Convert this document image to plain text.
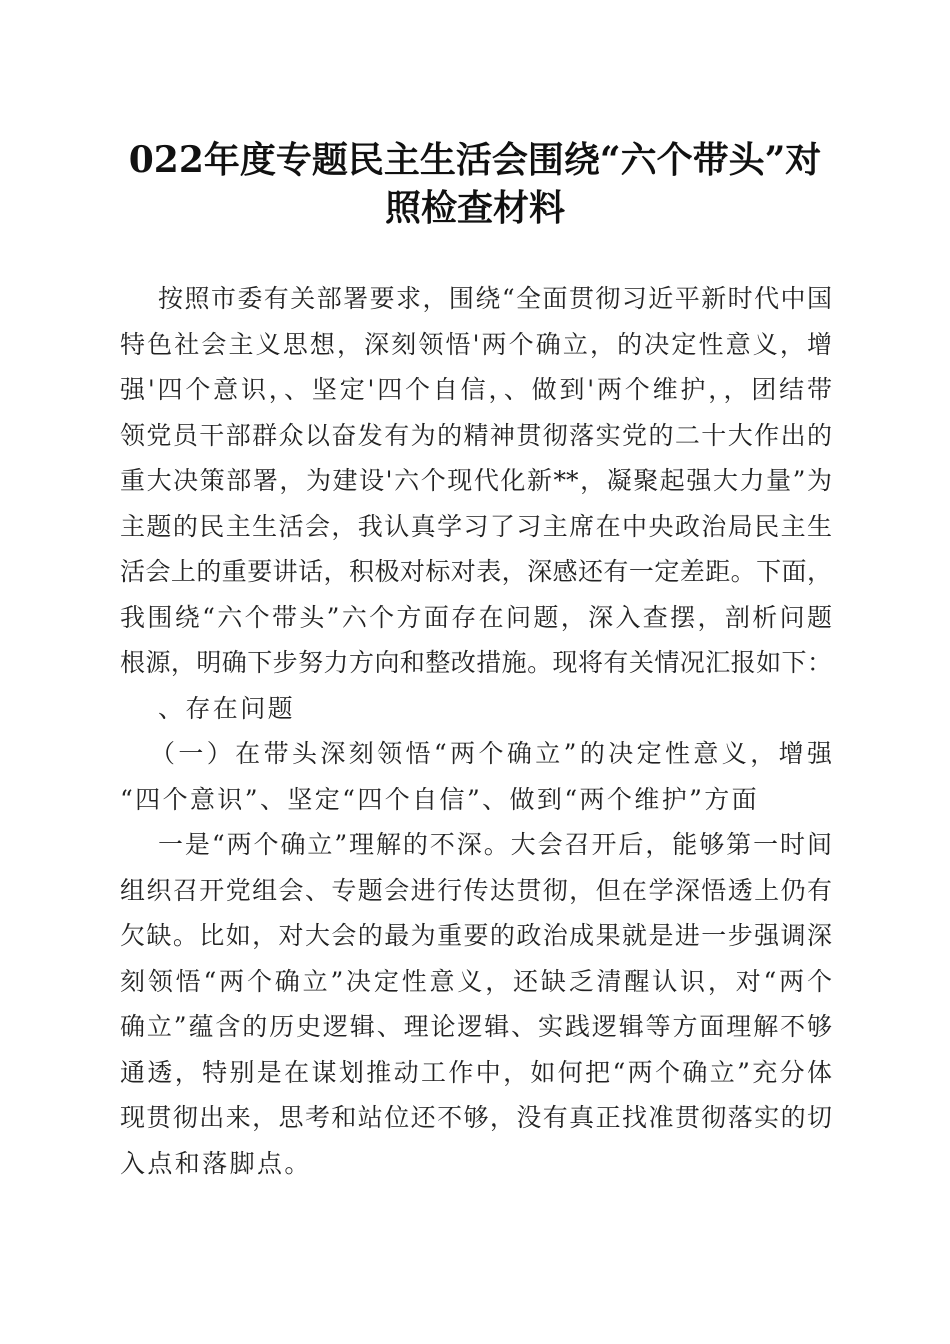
022年度专题民主生活会围绕“六个带头”对
照检查材料
按照市委有关部署要求，围绕“全面贯彻习近平新时代中国
特色社会主义思想，深刻领悟'两个确立，的决定性意义，增
强'四个意识，、坚定'四个自信，、做到'两个维护，，团结带
领党员干部群众以奋发有为的精神贯彻落实党的二十大作出的
重大决策部署，为建设'六个现代化新**，凝聚起强大力量”为
主题的民主生活会，我认真学习了习主席在中央政治局民主生
活会上的重要讲话，积极对标对表，深感还有一定差距。下面，
我围绕“六个带头”六个方面存在问题，深入查摆，剖析问题
根源，明确下步努力方向和整改措施。现将有关情况汇报如下：
、存在问题
（一）在带头深刻领悟“两个确立”的决定性意义，增强
“四个意识”、坚定“四个自信”、做到“两个维护”方面
一是“两个确立”理解的不深。大会召开后，能够第一时间
组织召开党组会、专题会进行传达贯彻，但在学深悟透上仍有
欠缺。比如，对大会的最为重要的政治成果就是进一步强调深
刻领悟“两个确立”决定性意义，还缺乏清醒认识，对“两个
确立”蕴含的历史逻辑、理论逻辑、实践逻辑等方面理解不够
通透，特别是在谋划推动工作中，如何把“两个确立”充分体
现贯彻出来，思考和站位还不够，没有真正找准贯彻落实的切
入点和落脚点。
